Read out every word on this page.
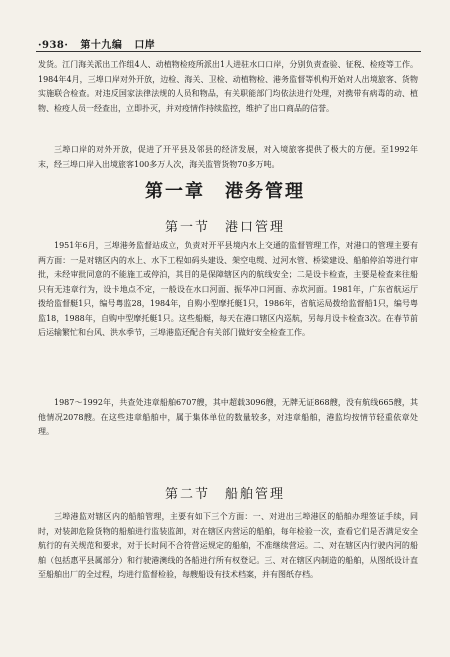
·938· 第十九编 口岸

发货。江门海关派出工作组4人、动植物检疫所派出1人进驻水口口岸，分别负责查验、征税、检疫等工作。1984年4月，三埠口岸对外开放，边检、海关、卫检、动植物检、港务监督等机构开始对人出境旅客、货物实施联合检查。对违反国家法律法规的人员和物品，有关职能部门均依法进行处理，对携带有病毒的动、植物、检疫人员一经查出，立即扑灭，并对疫情作持续监控，维护了出口商品的信誉。

三埠口岸的对外开放，促进了开平县及邻县的经济发展，对入境旅客提供了极大的方便。至1992年末，经三埠口岸入出境旅客100多万人次，海关监管货物70多万吨。

第一章　港务管理
第一节　港口管理

1951年6月，三埠港务监督站成立，负责对开平县境内水上交通的监督管理工作，对港口的管理主要有两方面：一是对辖区内的水上、水下工程如码头建设、架空电缆、过河水管、桥梁建设、船舶停泊等进行审批，未经审批同意的不能施工或停泊，其目的是保障辖区内的航线安全；二是设卡检查，主要是检查来往船只有无违章行为，设卡地点不定，一般设在水口河面、振华冲口河面、赤坎河面。1981年，广东省航运厅拨给监督艇1只，编号粤监28，1984年，自购小型摩托艇1只，1986年，省航运局拨给监督船1只，编号粤监18，1988年，自购中型摩托艇1只。这些船艇，每天在港口辖区内巡航，另每月设卡检查3次。在春节前后运输繁忙和台风、洪水季节，三埠港监还配合有关部门做好安全检查工作。

1987～1992年，共查处违章船舶6707艘，其中超载3096艘，无牌无证868艘，没有航线665艘，其他情况2078艘。在这些违章船舶中，属于集体单位的数量较多，对违章船舶，港监均按情节轻重依章处理。

第二节　船舶管理

三埠港监对辖区内的船舶管理，主要有如下三个方面：一、对进出三埠港区的船舶办理签证手续，同时，对装卸危险货物的船舶进行监装监卸，对在辖区内营运的船舶，每年检验一次，查看它们是否满足安全航行的有关规范和要求，对于长时间不合符营运规定的船舶，不准继续营运。二、对在辖区内行驶内河的船舶（包括惠平县属部分）和行驶港澳线的各船进行所有权登记。三、对在辖区内制造的船舶，从图纸设计直至船舶出厂的全过程，均进行监督检验，每艘船设有技术档案，并有图纸存档。
